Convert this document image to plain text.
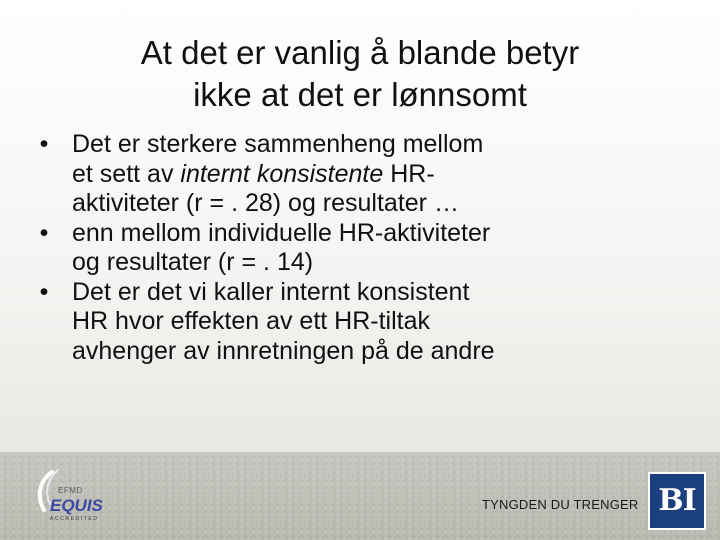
At det er vanlig å blande betyr
ikke at det er lønnsomt
• Det er sterkere sammenheng mellom
et sett av internt konsistente HR-
aktiviteter (r = . 28) og resultater …
• enn mellom individuelle HR-aktiviteter
og resultater (r = . 14)
• Det er det vi kaller internt konsistent
HR hvor effekten av ett HR-tiltak
avhenger av innretningen på de andre
EFMD
EQUIS
ACCREDITED
TYNGDEN DU TRENGER BI
